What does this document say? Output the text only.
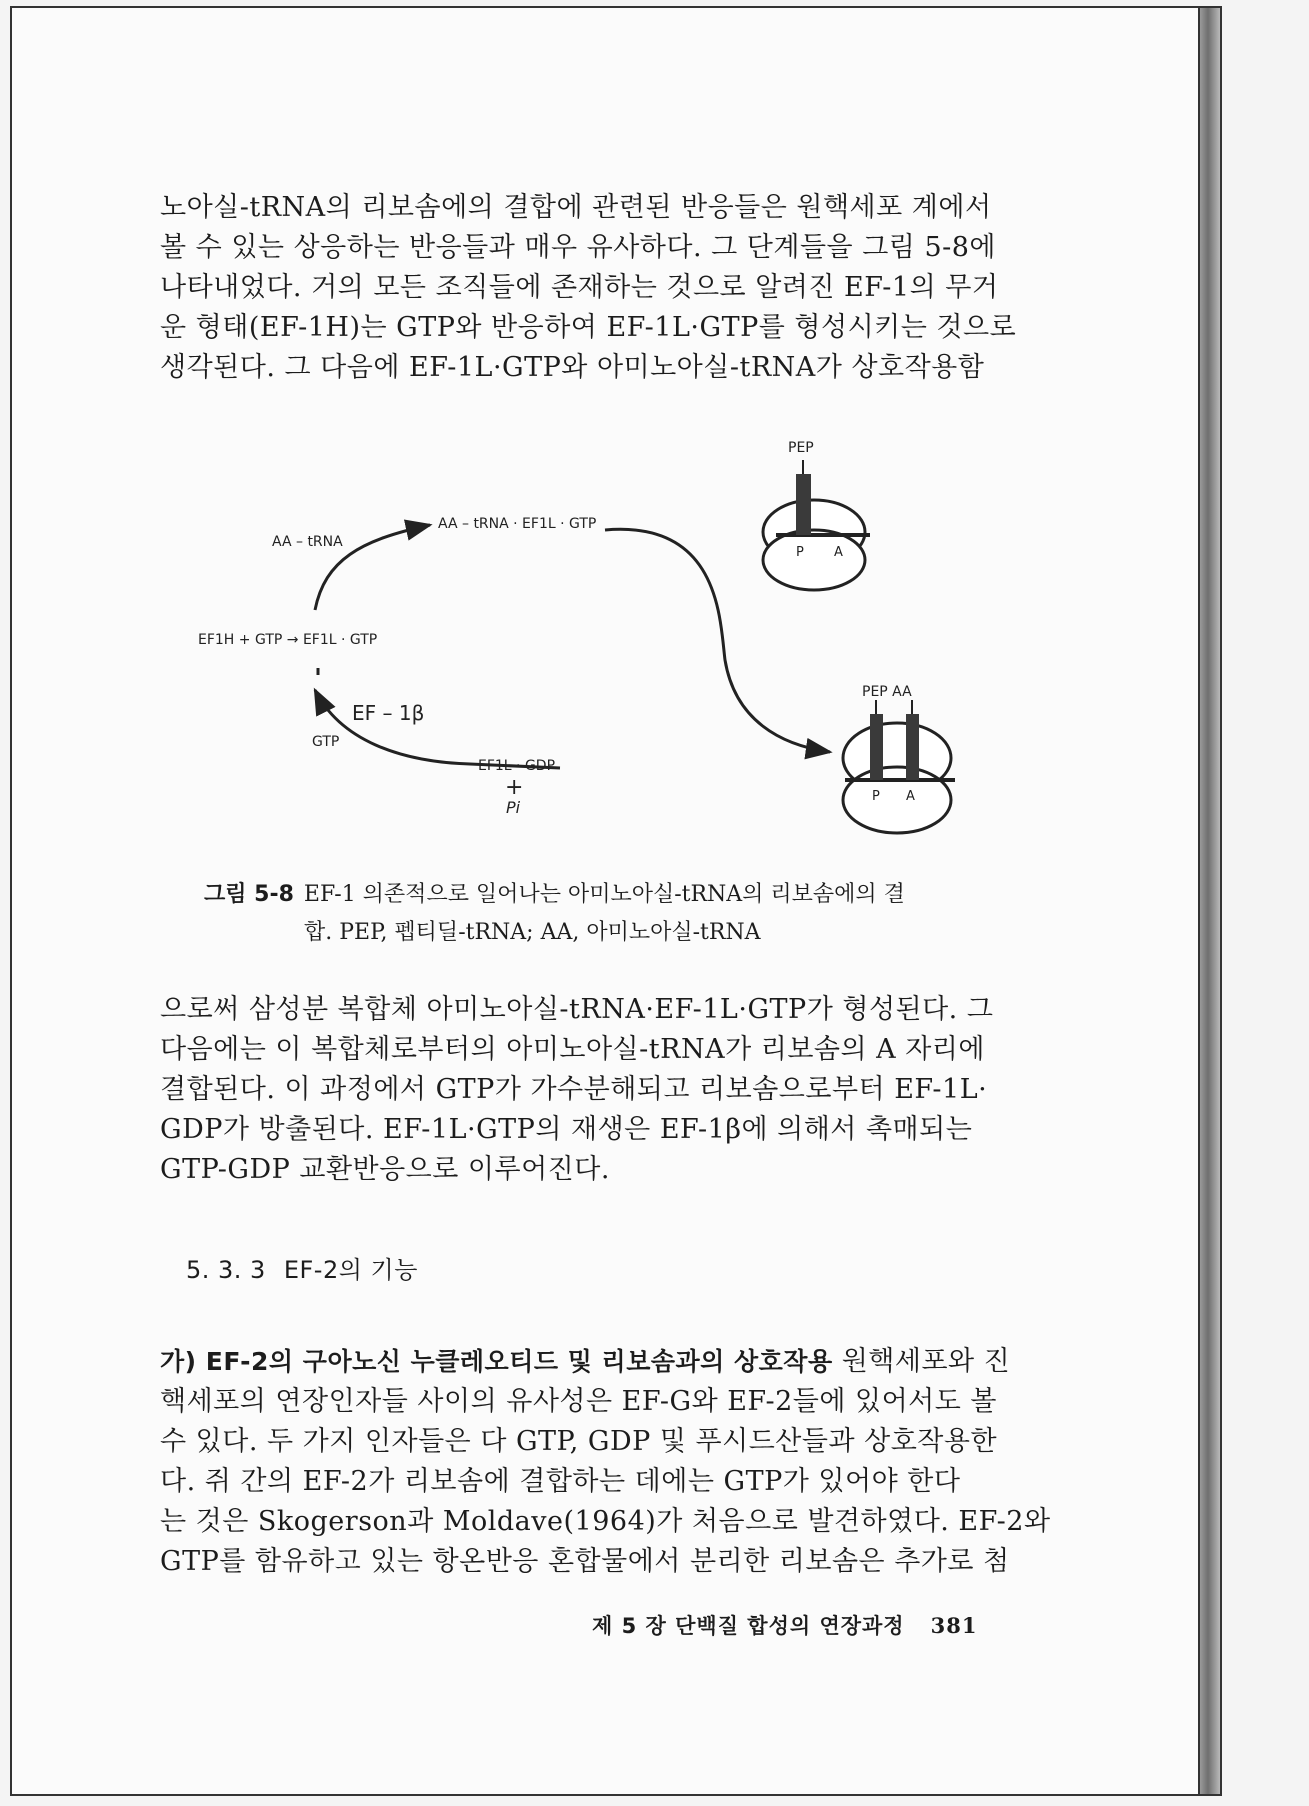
노아실-tRNA의 리보솜에의 결합에 관련된 반응들은 원핵세포 계에서
볼 수 있는 상응하는 반응들과 매우 유사하다. 그 단계들을 그림 5-8에
나타내었다. 거의 모든 조직들에 존재하는 것으로 알려진 EF-1의 무거
운 형태(EF-1H)는 GTP와 반응하여 EF-1L·GTP를 형성시키는 것으로
생각된다. 그 다음에 EF-1L·GTP와 아미노아실-tRNA가 상호작용함
AA – tRNA
AA – tRNA · EF1L · GTP
EF1H + GTP → EF1L · GTP
EF – 1β
GTP
EF1L · GDP
+
Pi
PEP
P A
PEP AA
P A
그림 5-8 EF-1 의존적으로 일어나는 아미노아실-tRNA의 리보솜에의 결
합. PEP, 펩티딜-tRNA; AA, 아미노아실-tRNA
으로써 삼성분 복합체 아미노아실-tRNA·EF-1L·GTP가 형성된다. 그
다음에는 이 복합체로부터의 아미노아실-tRNA가 리보솜의 A 자리에
결합된다. 이 과정에서 GTP가 가수분해되고 리보솜으로부터 EF-1L·
GDP가 방출된다. EF-1L·GTP의 재생은 EF-1β에 의해서 촉매되는
GTP-GDP 교환반응으로 이루어진다.
5. 3. 3 EF-2의 기능
가) EF-2의 구아노신 누클레오티드 및 리보솜과의 상호작용 원핵세포와 진
핵세포의 연장인자들 사이의 유사성은 EF-G와 EF-2들에 있어서도 볼
수 있다. 두 가지 인자들은 다 GTP, GDP 및 푸시드산들과 상호작용한
다. 쥐 간의 EF-2가 리보솜에 결합하는 데에는 GTP가 있어야 한다
는 것은 Skogerson과 Moldave(1964)가 처음으로 발견하였다. EF-2와
GTP를 함유하고 있는 항온반응 혼합물에서 분리한 리보솜은 추가로 첨
제 5 장 단백질 합성의 연장과정 381
